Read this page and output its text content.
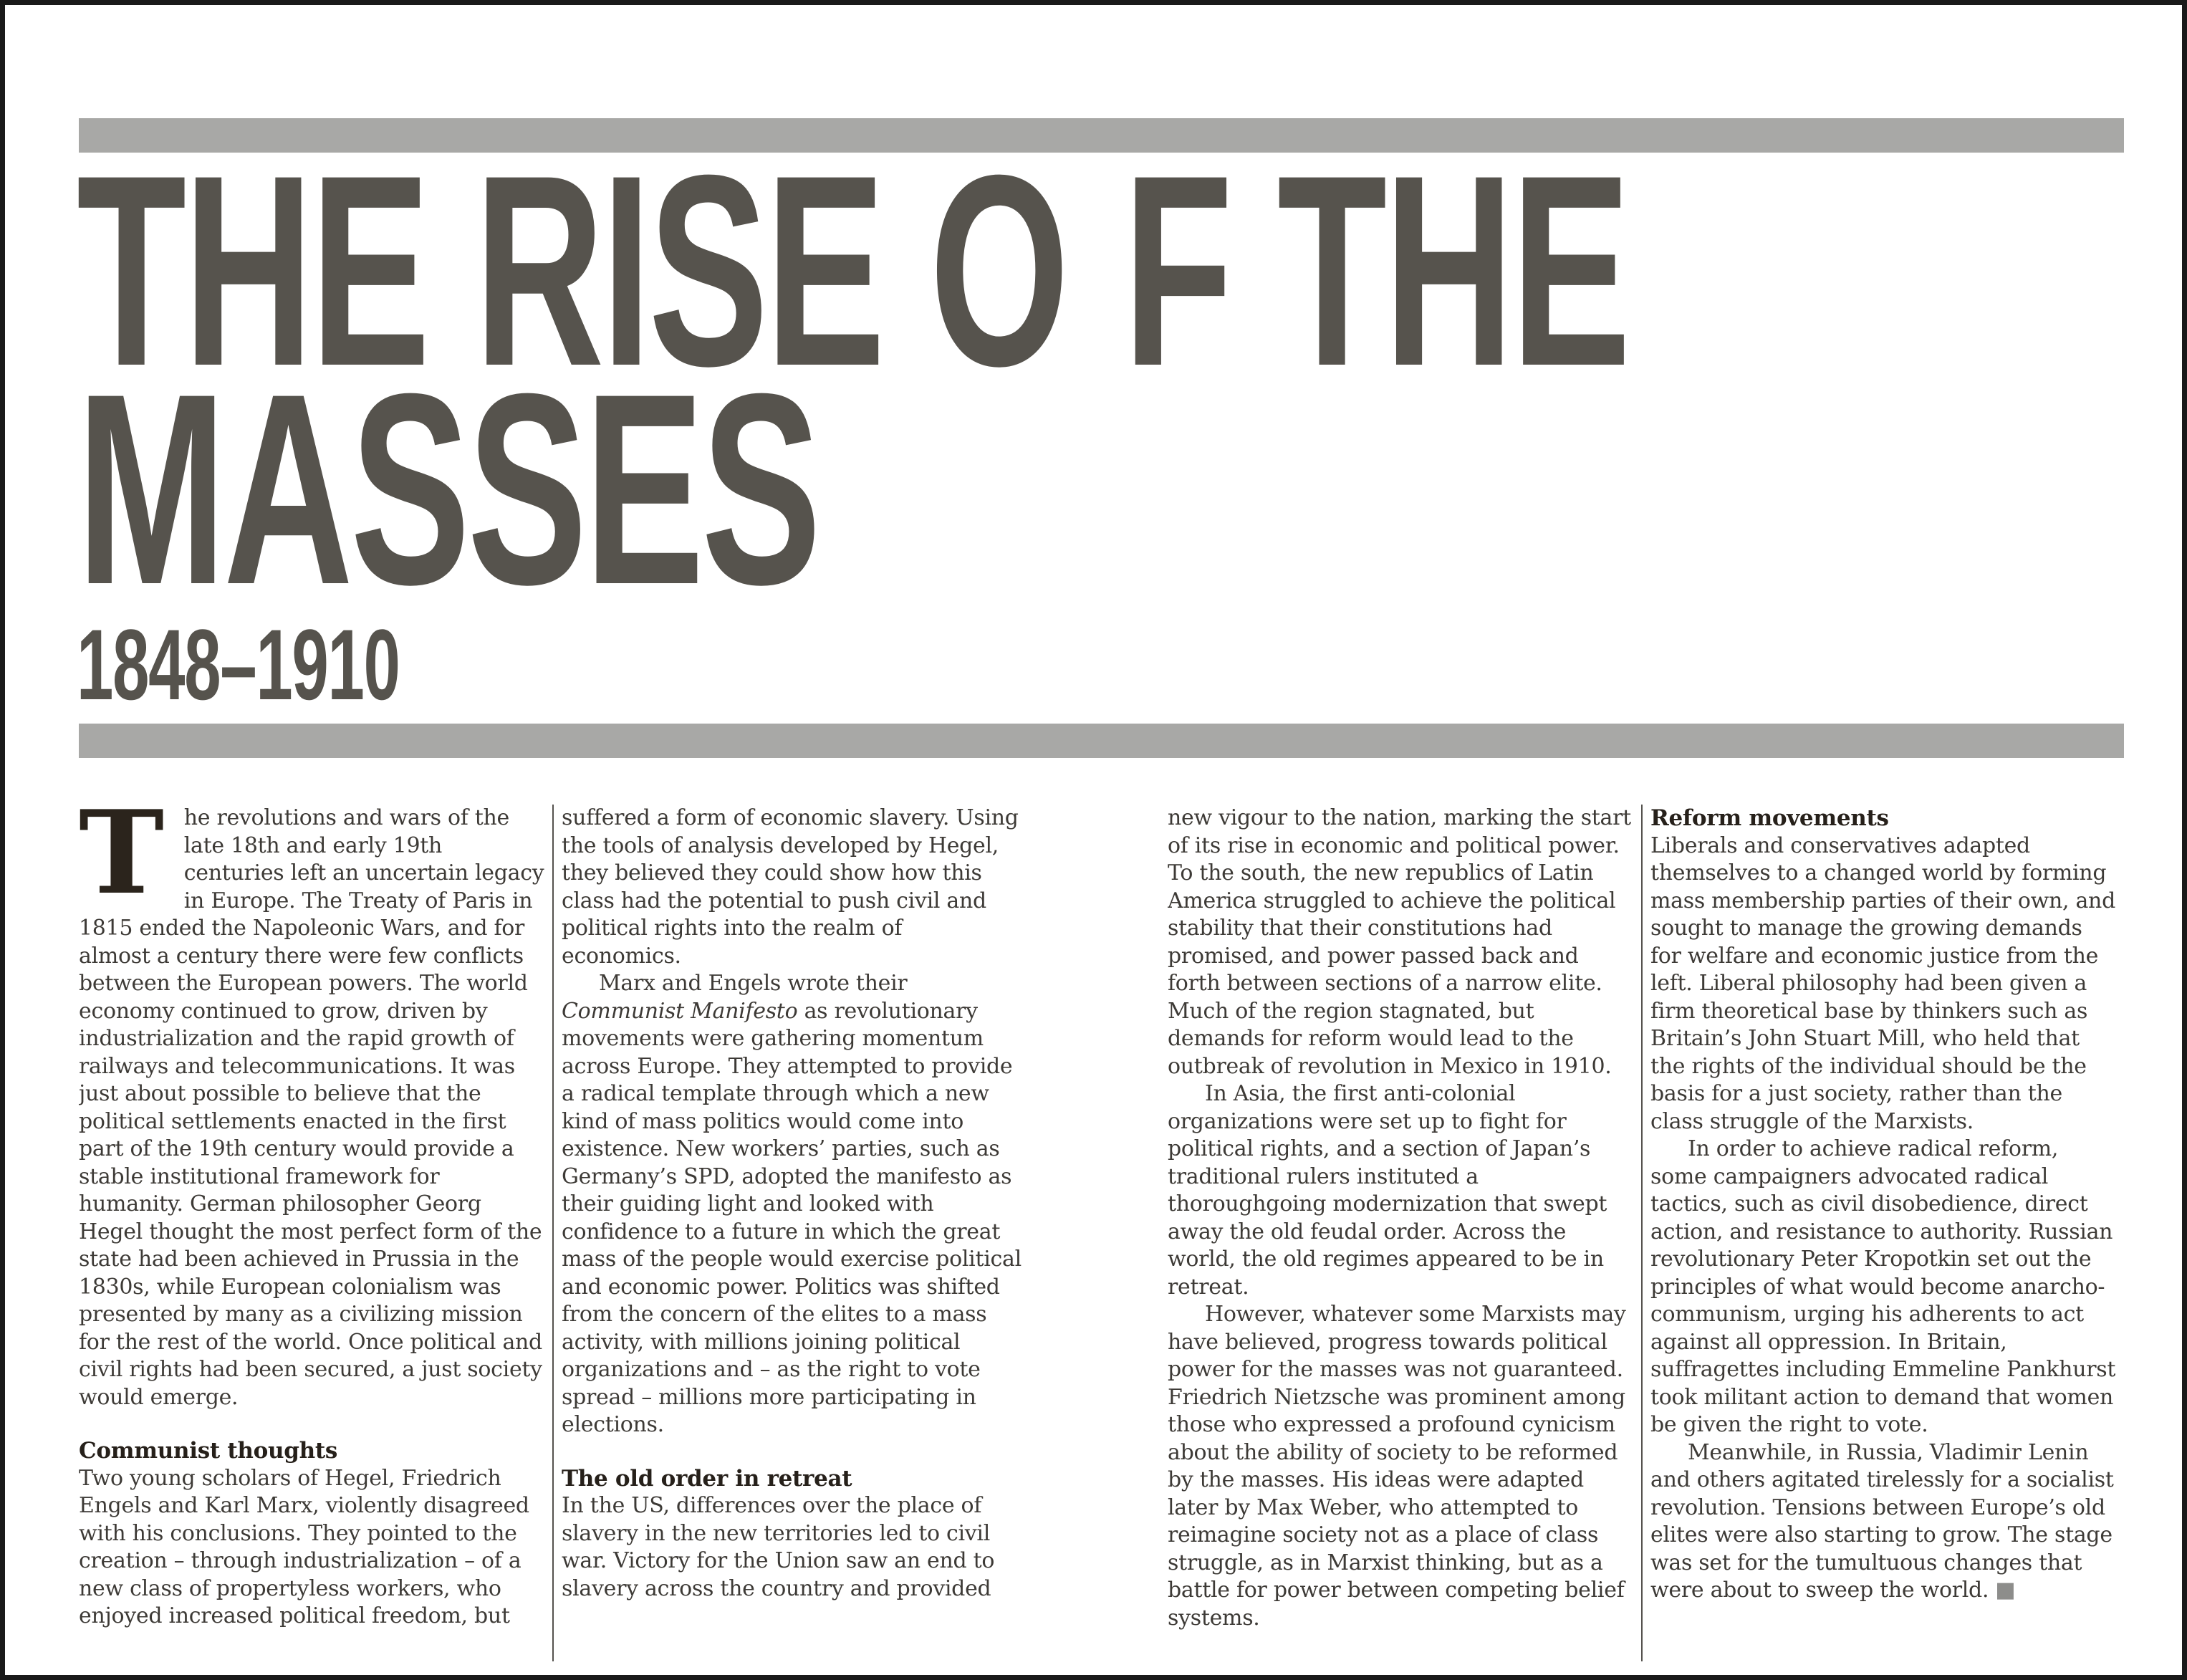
THE RISE O F THE
MASSES
1848–1910

The revolutions and wars of the late 18th and early 19th centuries left an uncertain legacy in Europe. The Treaty of Paris in 1815 ended the Napoleonic Wars, and for almost a century there were few conflicts between the European powers. The world economy continued to grow, driven by industrialization and the rapid growth of railways and telecommunications. It was just about possible to believe that the political settlements enacted in the first part of the 19th century would provide a stable institutional framework for humanity. German philosopher Georg Hegel thought the most perfect form of the state had been achieved in Prussia in the 1830s, while European colonialism was presented by many as a civilizing mission for the rest of the world. Once political and civil rights had been secured, a just society would emerge.

Communist thoughts

Two young scholars of Hegel, Friedrich Engels and Karl Marx, violently disagreed with his conclusions. They pointed to the creation – through industrialization – of a new class of propertyless workers, who enjoyed increased political freedom, but

suffered a form of economic slavery. Using the tools of analysis developed by Hegel, they believed they could show how this class had the potential to push civil and political rights into the realm of economics.

Marx and Engels wrote their Communist Manifesto as revolutionary movements were gathering momentum across Europe. They attempted to provide a radical template through which a new kind of mass politics would come into existence. New workers’ parties, such as Germany’s SPD, adopted the manifesto as their guiding light and looked with confidence to a future in which the great mass of the people would exercise political and economic power. Politics was shifted from the concern of the elites to a mass activity, with millions joining political organizations and – as the right to vote spread – millions more participating in elections.

The old order in retreat

In the US, differences over the place of slavery in the new territories led to civil war. Victory for the Union saw an end to slavery across the country and provided

new vigour to the nation, marking the start of its rise in economic and political power. To the south, the new republics of Latin America struggled to achieve the political stability that their constitutions had promised, and power passed back and forth between sections of a narrow elite. Much of the region stagnated, but demands for reform would lead to the outbreak of revolution in Mexico in 1910.

In Asia, the first anti-colonial organizations were set up to fight for political rights, and a section of Japan’s traditional rulers instituted a thoroughgoing modernization that swept away the old feudal order. Across the world, the old regimes appeared to be in retreat.

However, whatever some Marxists may have believed, progress towards political power for the masses was not guaranteed. Friedrich Nietzsche was prominent among those who expressed a profound cynicism about the ability of society to be reformed by the masses. His ideas were adapted later by Max Weber, who attempted to reimagine society not as a place of class struggle, as in Marxist thinking, but as a battle for power between competing belief systems.

Reform movements

Liberals and conservatives adapted themselves to a changed world by forming mass membership parties of their own, and sought to manage the growing demands for welfare and economic justice from the left. Liberal philosophy had been given a firm theoretical base by thinkers such as Britain’s John Stuart Mill, who held that the rights of the individual should be the basis for a just society, rather than the class struggle of the Marxists.

In order to achieve radical reform, some campaigners advocated radical tactics, such as civil disobedience, direct action, and resistance to authority. Russian revolutionary Peter Kropotkin set out the principles of what would become anarcho-communism, urging his adherents to act against all oppression. In Britain, suffragettes including Emmeline Pankhurst took militant action to demand that women be given the right to vote.

Meanwhile, in Russia, Vladimir Lenin and others agitated tirelessly for a socialist revolution. Tensions between Europe’s old elites were also starting to grow. The stage was set for the tumultuous changes that were about to sweep the world. ■
